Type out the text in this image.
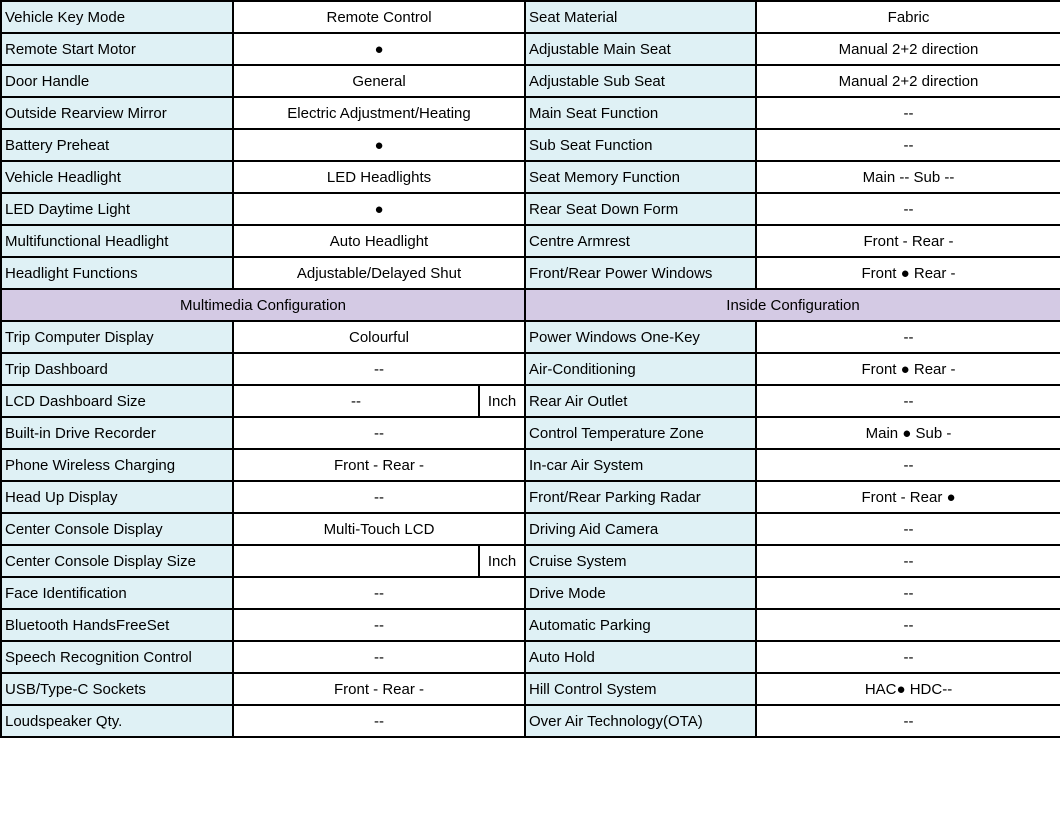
Vehicle Key Mode	Remote Control		Seat Material	Fabric
Remote Start Motor	●		Adjustable Main Seat	Manual 2+2 direction
Door Handle	General		Adjustable Sub Seat	Manual 2+2 direction
Outside Rearview Mirror	Electric Adjustment/Heating		Main Seat Function	--
Battery Preheat	●		Sub Seat Function	--
Vehicle Headlight	LED Headlights		Seat Memory Function	Main -- Sub --
LED Daytime Light	●		Rear Seat Down Form	--
Multifunctional Headlight	Auto Headlight		Centre Armrest	Front - Rear -
Headlight Functions	Adjustable/Delayed Shut		Front/Rear Power Windows	Front ● Rear -
Multimedia Configuration			Inside Configuration	
Trip Computer Display	Colourful		Power Windows One-Key	--
Trip Dashboard	--		Air-Conditioning	Front ● Rear -
LCD Dashboard Size	--	Inch	Rear Air Outlet	--
Built-in Drive Recorder	--		Control Temperature Zone	Main ● Sub -
Phone Wireless Charging	Front - Rear -		In-car Air System	--
Head Up Display	--		Front/Rear Parking Radar	Front - Rear ●
Center Console Display	Multi-Touch LCD		Driving Aid Camera	--
Center Console Display Size		Inch	Cruise System	--
Face Identification	--		Drive Mode	--
Bluetooth HandsFreeSet	--		Automatic Parking	--
Speech Recognition Control	--		Auto Hold	--
USB/Type-C Sockets	Front - Rear -		Hill Control System	HAC● HDC--
Loudspeaker Qty.	--		Over Air Technology(OTA)	--
